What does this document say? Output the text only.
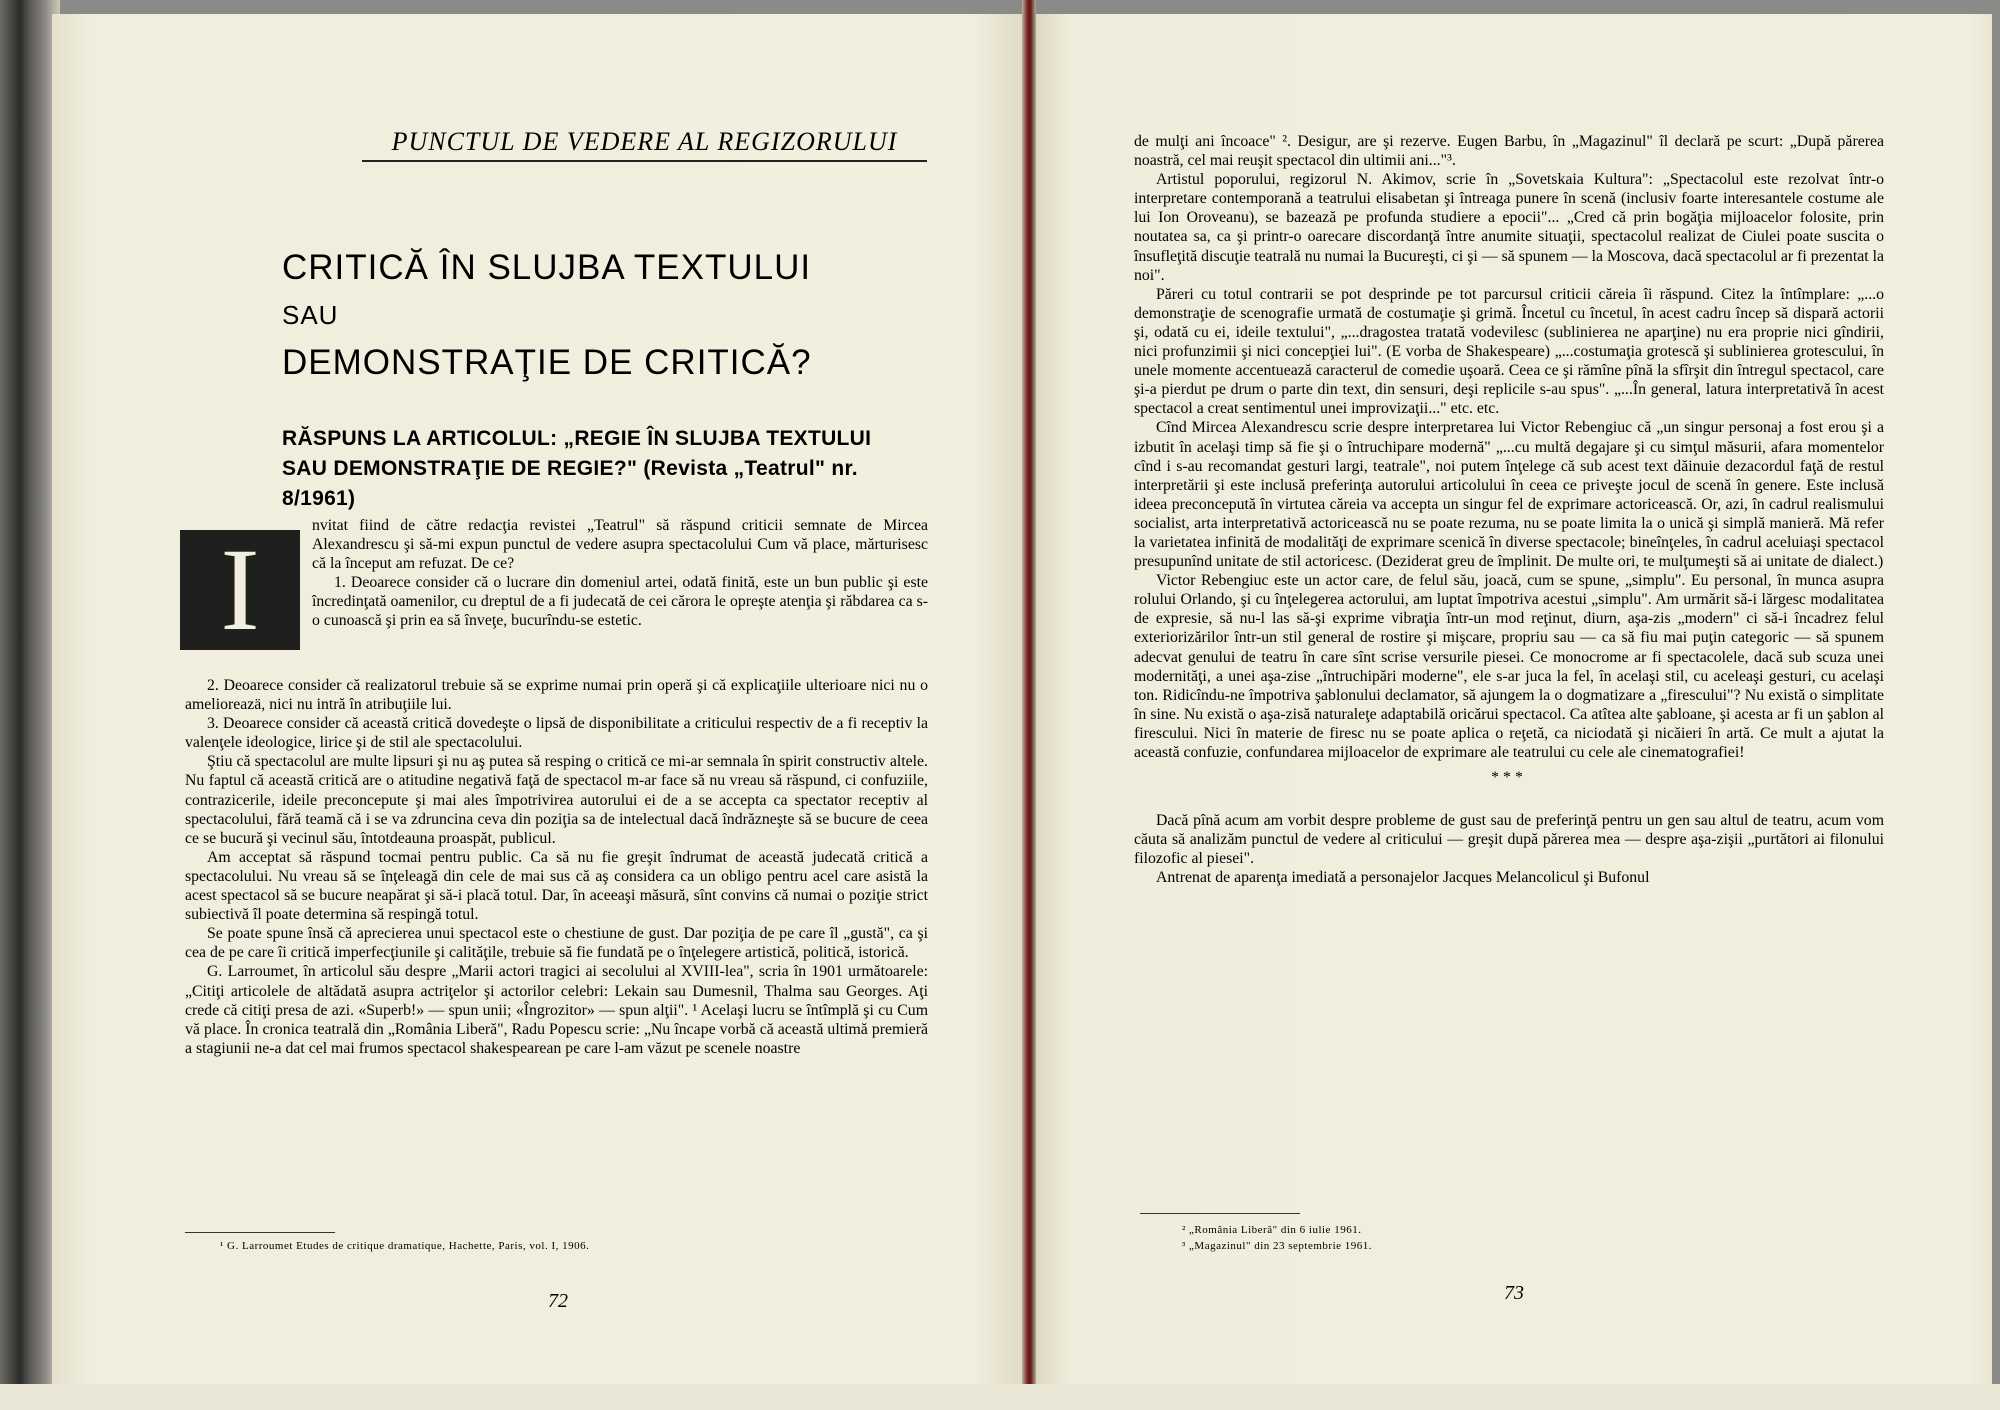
PUNCTUL DE VEDERE AL REGIZORULUI
CRITICĂ ÎN SLUJBA TEXTULUI
SAU
DEMONSTRAŢIE DE CRITICĂ?
RĂSPUNS LA ARTICOLUL: „REGIE ÎN SLUJBA TEXTULUI
SAU DEMONSTRAŢIE DE REGIE?" (Revista „Teatrul" nr. 8/1961)
I	nvitat fiind de către redacţia revistei „Teatrul" să răspund criticii semnate de Mircea Alexandrescu şi să-mi expun punctul de vedere asupra spectacolului Cum vă place, mărturisesc că la început am refuzat. De ce?

1. Deoarece consider că o lucrare din domeniul artei, odată finită, este un bun public şi este încredinţată oamenilor, cu dreptul de a fi judecată de cei cărora le opreşte atenţia şi răbdarea ca s-o cunoască şi prin ea să înveţe, bucurîndu-se estetic.

2. Deoarece consider că realizatorul trebuie să se exprime numai prin operă şi că explicaţiile ulterioare nici nu o amelioreazä, nici nu intră în atribuţiile lui.

3. Deoarece consider că această critică dovedeşte o lipsă de disponibilitate a criticului respectiv de a fi receptiv la valenţele ideologice, lirice şi de stil ale spectacolului.

Ştiu că spectacolul are multe lipsuri şi nu aş putea să resping o critică ce mi-ar semnala în spirit constructiv altele. Nu faptul că această critică are o atitudine negativă faţă de spectacol m-ar face să nu vreau să răspund, ci confuziile, contrazicerile, ideile preconcepute şi mai ales împotrivirea autorului ei de a se accepta ca spectator receptiv al spectacolului, fără teamă că i se va zdruncina ceva din poziţia sa de intelectual dacă îndrăzneşte să se bucure de ceea ce se bucură şi vecinul său, întotdeauna proaspăt, publicul.

Am acceptat să răspund tocmai pentru public. Ca să nu fie greşit îndrumat de această judecată critică a spectacolului. Nu vreau să se înţeleagă din cele de mai sus că aş considera ca un obligo pentru acel care asistă la acest spectacol să se bucure neapărat şi să-i placă totul. Dar, în aceeaşi măsură, sînt convins că numai o poziţie strict subiectivă îl poate determina să respingă totul.

Se poate spune însă că aprecierea unui spectacol este o chestiune de gust. Dar poziţia de pe care îl „gustă", ca şi cea de pe care îi critică imperfecţiunile şi calităţile, trebuie să fie fundată pe o înţelegere artistică, politică, istorică.

G. Larroumet, în articolul său despre „Marii actori tragici ai secolului al XVIII-lea", scria în 1901 următoarele: „Citiţi articolele de altădată asupra actriţelor şi actorilor celebri: Lekain sau Dumesnil, Thalma sau Georges. Aţi crede că citiţi presa de azi. «Superb!» — spun unii; «Îngrozitor» — spun alţii". ¹ Acelaşi lucru se întîmplă şi cu Cum vă place. În cronica teatrală din „România Liberă", Radu Popescu scrie: „Nu încape vorbă că această ultimă premieră a stagiunii ne-a dat cel mai frumos spectacol shakespearean pe care l-am văzut pe scenele noastre

¹ G. Larroumet Etudes de critique dramatique, Hachette, Paris, vol. I, 1906.
72

de mulţi ani încoace" ². Desigur, are şi rezerve. Eugen Barbu, în „Magazinul" îl declară pe scurt: „După părerea noastră, cel mai reuşit spectacol din ultimii ani..."³.

Artistul poporului, regizorul N. Akimov, scrie în „Sovetskaia Kultura": „Spectacolul este rezolvat într-o interpretare contemporană a teatrului elisabetan şi întreaga punere în scenă (inclusiv foarte interesantele costume ale lui Ion Oroveanu), se bazează pe profunda studiere a epocii"... „Cred că prin bogăţia mijloacelor folosite, prin noutatea sa, ca şi printr-o oarecare discordanţă între anumite situaţii, spectacolul realizat de Ciulei poate suscita o însufleţită discuţie teatrală nu numai la Bucureşti, ci şi — să spunem — la Moscova, dacă spectacolul ar fi prezentat la noi".

Păreri cu totul contrarii se pot desprinde pe tot parcursul criticii căreia îi răspund. Citez la întîmplare: „...o demonstraţie de scenografie urmată de costumaţie şi grimă. Încetul cu încetul, în acest cadru încep să dispară actorii şi, odată cu ei, ideile textului", „...dragostea tratată vodevilesc (sublinierea ne aparţine) nu era proprie nici gîndirii, nici profunzimii şi nici concepţiei lui". (E vorba de Shakespeare) „...costumaţia grotescă şi sublinierea grotescului, în unele momente accentuează caracterul de comedie uşoară. Ceea ce şi rămîne pînă la sfîrşit din întregul spectacol, care şi-a pierdut pe drum o parte din text, din sensuri, deşi replicile s-au spus". „...În general, latura interpretativă în acest spectacol a creat sentimentul unei improvizaţii..." etc. etc.

Cînd Mircea Alexandrescu scrie despre interpretarea lui Victor Rebengiuc că „un singur personaj a fost erou şi a izbutit în acelaşi timp să fie şi o întruchipare modernă" „...cu multă degajare şi cu simţul măsurii, afara momentelor cînd i s-au recomandat gesturi largi, teatrale", noi putem înţelege că sub acest text dăinuie dezacordul faţă de restul interpretării şi este inclusă preferinţa autorului articolului în ceea ce priveşte jocul de scenă în genere. Este inclusă ideea preconcepută în virtutea căreia va accepta un singur fel de exprimare actoricească. Or, azi, în cadrul realismului socialist, arta interpretativă actoricească nu se poate rezuma, nu se poate limita la o unică şi simplă manieră. Mă refer la varietatea infinită de modalităţi de exprimare scenică în diverse spectacole; bineînţeles, în cadrul aceluiaşi spectacol presupunînd unitate de stil actoricesc. (Deziderat greu de împlinit. De multe ori, te mulţumeşti să ai unitate de dialect.)

Victor Rebengiuc este un actor care, de felul său, joacă, cum se spune, „simplu". Eu personal, în munca asupra rolului Orlando, şi cu înţelegerea actorului, am luptat împotriva acestui „simplu". Am urmărit să-i lărgesc modalitatea de expresie, să nu-l las să-şi exprime vibraţia într-un mod reţinut, diurn, aşa-zis „modern" ci să-i încadrez felul exteriorizărilor într-un stil general de rostire şi mişcare, propriu sau — ca să fiu mai puţin categoric — să spunem adecvat genului de teatru în care sînt scrise versurile piesei. Ce monocrome ar fi spectacolele, dacă sub scuza unei modernităţi, a unei aşa-zise „întruchipări moderne", ele s-ar juca la fel, în acelaşi stil, cu aceleaşi gesturi, cu acelaşi ton. Ridicîndu-ne împotriva şablonului declamator, să ajungem la o dogmatizare a „firescului"? Nu există o simplitate în sine. Nu există o aşa-zisă naturaleţe adaptabilă oricărui spectacol. Ca atîtea alte şabloane, şi acesta ar fi un şablon al firescului. Nici în materie de firesc nu se poate aplica o reţetă, ca niciodată şi nicăieri în artă. Ce mult a ajutat la această confuzie, confundarea mijloacelor de exprimare ale teatrului cu cele ale cinematografiei!

***

Dacă pînă acum am vorbit despre probleme de gust sau de preferinţă pentru un gen sau altul de teatru, acum vom căuta să analizăm punctul de vedere al criticului — greşit după părerea mea — despre aşa-zişii „purtători ai filonului filozofic al piesei".

Antrenat de aparenţa imediată a personajelor Jacques Melancolicul şi Bufonul

² „România Liberă" din 6 iulie 1961.
³ „Magazinul" din 23 septembrie 1961.
73
